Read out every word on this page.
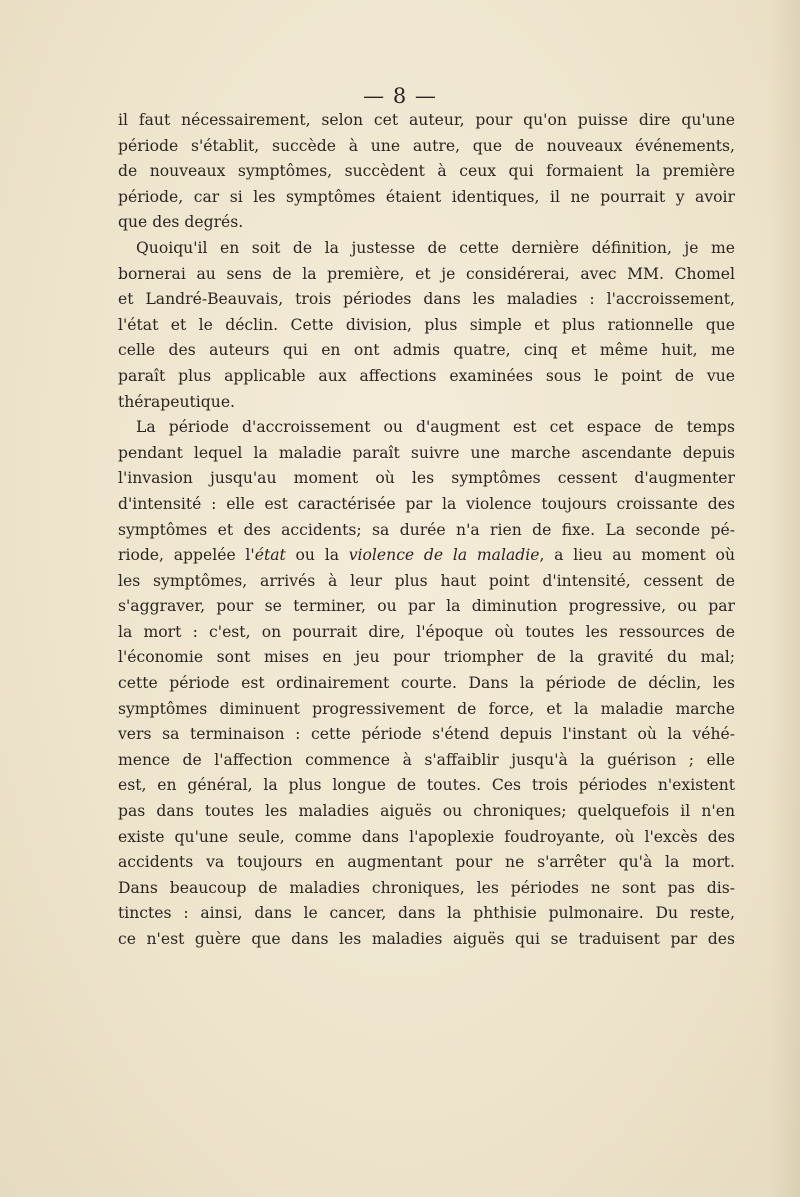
— 8 —
il faut nécessairement, selon cet auteur, pour qu'on puisse dire qu'une
période s'établit, succède à une autre, que de nouveaux événements,
de nouveaux symptômes, succèdent à ceux qui formaient la première
période, car si les symptômes étaient identiques, il ne pourrait y avoir
que des degrés.
Quoiqu'il en soit de la justesse de cette dernière définition, je me
bornerai au sens de la première, et je considérerai, avec MM. Chomel
et Landré-Beauvais, trois périodes dans les maladies : l'accroissement,
l'état et le déclin. Cette division, plus simple et plus rationnelle que
celle des auteurs qui en ont admis quatre, cinq et même huit, me
paraît plus applicable aux affections examinées sous le point de vue
thérapeutique.
La période d'accroissement ou d'augment est cet espace de temps
pendant lequel la maladie paraît suivre une marche ascendante depuis
l'invasion jusqu'au moment où les symptômes cessent d'augmenter
d'intensité : elle est caractérisée par la violence toujours croissante des
symptômes et des accidents; sa durée n'a rien de fixe. La seconde pé-
riode, appelée l'état ou la violence de la maladie, a lieu au moment où
les symptômes, arrivés à leur plus haut point d'intensité, cessent de
s'aggraver, pour se terminer, ou par la diminution progressive, ou par
la mort : c'est, on pourrait dire, l'époque où toutes les ressources de
l'économie sont mises en jeu pour triompher de la gravité du mal;
cette période est ordinairement courte. Dans la période de déclin, les
symptômes diminuent progressivement de force, et la maladie marche
vers sa terminaison : cette période s'étend depuis l'instant où la véhé-
mence de l'affection commence à s'affaiblir jusqu'à la guérison ; elle
est, en général, la plus longue de toutes. Ces trois périodes n'existent
pas dans toutes les maladies aiguës ou chroniques; quelquefois il n'en
existe qu'une seule, comme dans l'apoplexie foudroyante, où l'excès des
accidents va toujours en augmentant pour ne s'arrêter qu'à la mort.
Dans beaucoup de maladies chroniques, les périodes ne sont pas dis-
tinctes : ainsi, dans le cancer, dans la phthisie pulmonaire. Du reste,
ce n'est guère que dans les maladies aiguës qui se traduisent par des
